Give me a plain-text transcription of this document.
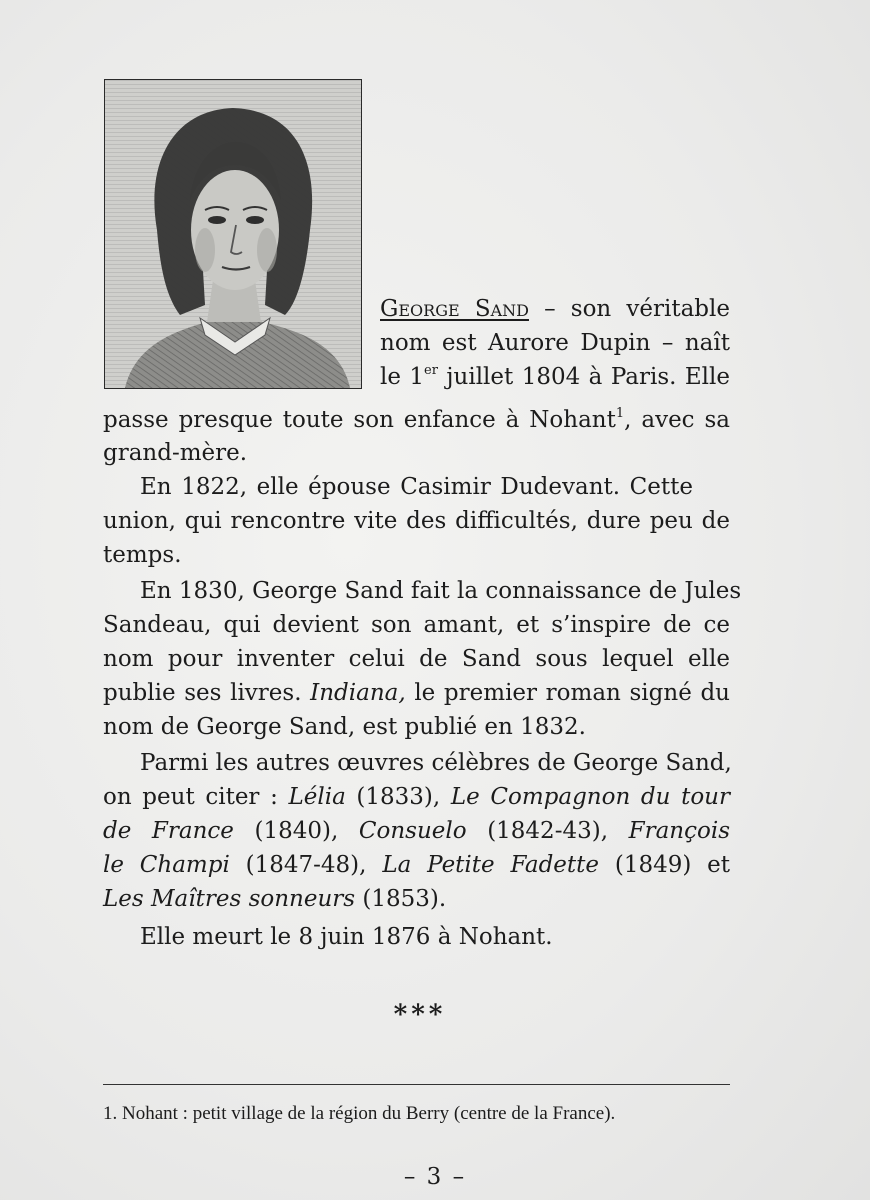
George Sand – son véritable
nom est Aurore Dupin – naît
le 1er juillet 1804 à Paris. Elle
passe presque toute son enfance à Nohant$^1$, avec sa
grand-mère.
En 1822, elle épouse Casimir Dudevant. Cette
union, qui rencontre vite des difficultés, dure peu de
temps.
En 1830, George Sand fait la connaissance de Jules
Sandeau, qui devient son amant, et s’inspire de ce
nom pour inventer celui de Sand sous lequel elle
publie ses livres. Indiana, le premier roman signé du
nom de George Sand, est publié en 1832.
Parmi les autres œuvres célèbres de George Sand,
on peut citer : Lélia (1833), Le Compagnon du tour
de France (1840), Consuelo (1842-43), François
le Champi (1847-48), La Petite Fadette (1849) et
Les Maîtres sonneurs (1853).
Elle meurt le 8 juin 1876 à Nohant.
***
1. Nohant : petit village de la région du Berry (centre de la France).
– 3 –
